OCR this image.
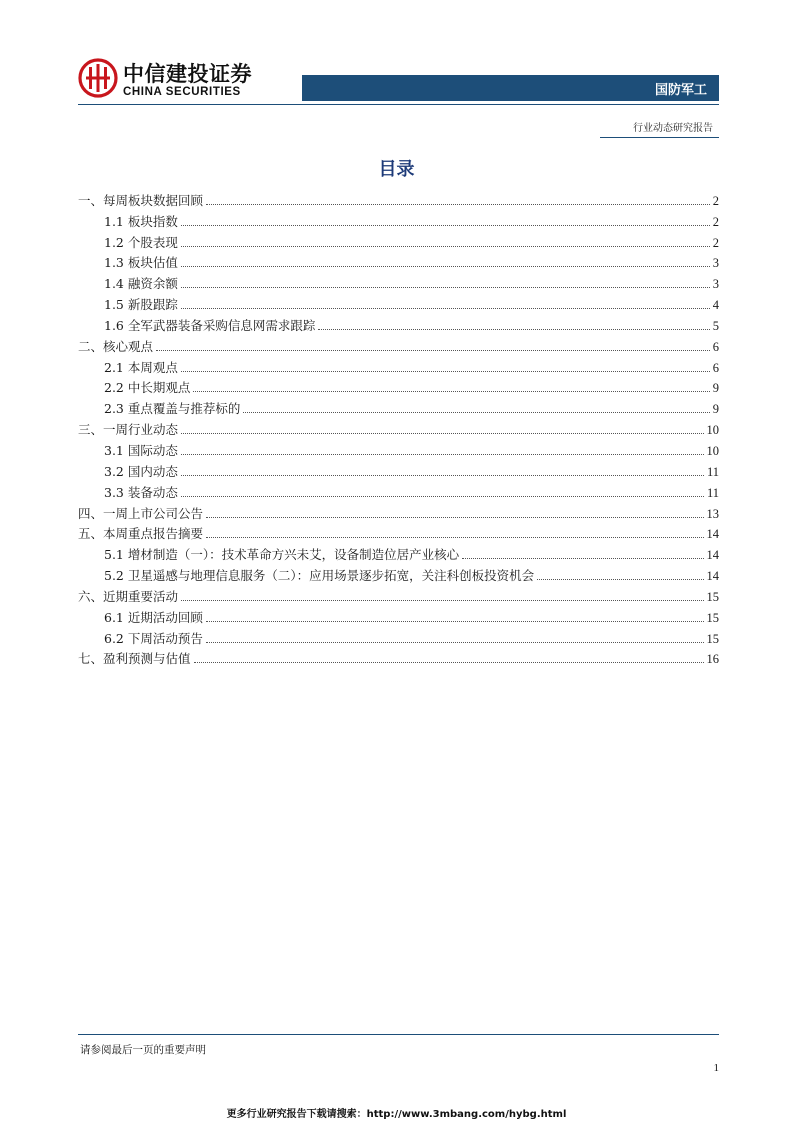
中信建投证券
CHINA SECURITIES	国防军工
行业动态研究报告
目录
一、每周板块数据回顾	2
1.1 板块指数	2
1.2 个股表现	2
1.3 板块估值	3
1.4 融资余额	3
1.5 新股跟踪	4
1.6 全军武器装备采购信息网需求跟踪	5
二、核心观点	6
2.1 本周观点	6
2.2 中长期观点	9
2.3 重点覆盖与推荐标的	9
三、一周行业动态	10
3.1 国际动态	10
3.2 国内动态	11
3.3 装备动态	11
四、一周上市公司公告	13
五、本周重点报告摘要	14
5.1 增材制造（一）：技术革命方兴未艾，设备制造位居产业核心	14
5.2 卫星遥感与地理信息服务（二）：应用场景逐步拓宽，关注科创板投资机会	14
六、近期重要活动	15
6.1 近期活动回顾	15
6.2 下周活动预告	15
七、盈利预测与估值	16
请参阅最后一页的重要声明
1
更多行业研究报告下载请搜索：http://www.3mbang.com/hybg.html
